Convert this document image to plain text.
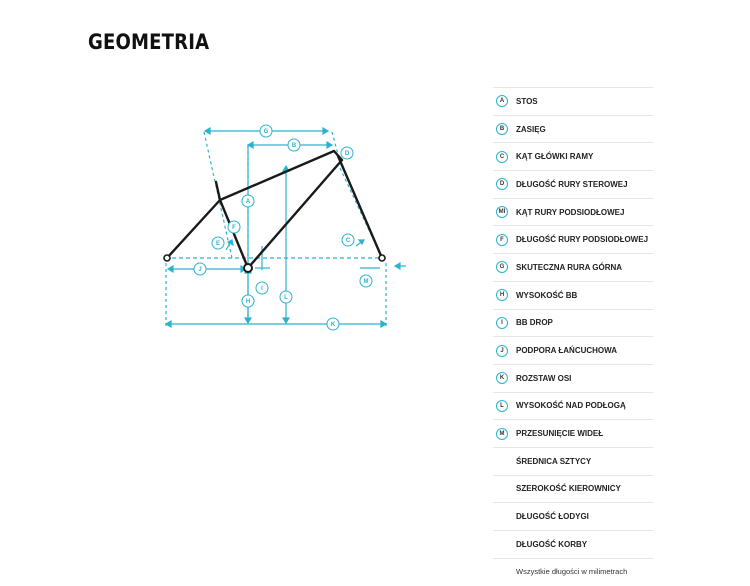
GEOMETRIA
G
B
D
A
F
E	C
J
I
L
H
M
K
A	STOS
B	ZASIĘG
C	KĄT GŁÓWKI RAMY
D	DŁUGOŚĆ RURY STEROWEJ
MI	KĄT RURY PODSIODŁOWEJ
F	DŁUGOŚĆ RURY PODSIODŁOWEJ
G	SKUTECZNA RURA GÓRNA
H	WYSOKOŚĆ BB
I	BB DROP
J	PODPORA ŁAŃCUCHOWA
K	ROZSTAW OSI
L	WYSOKOŚĆ NAD PODŁOGĄ
M	PRZESUNIĘCIE WIDEŁ
ŚREDNICA SZTYCY
SZEROKOŚĆ KIEROWNICY
DŁUGOŚĆ ŁODYGI
DŁUGOŚĆ KORBY
Wszystkie długości w milimetrach
